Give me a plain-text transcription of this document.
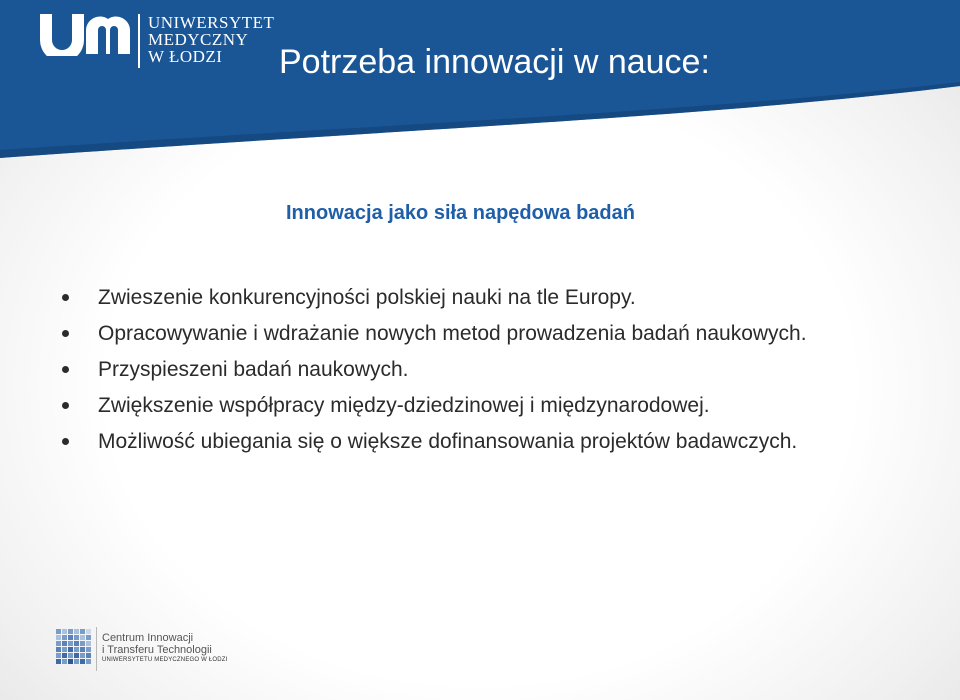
UNIWERSYTET
MEDYCZNY
W ŁODZI	Potrzeba innowacji w nauce:
Innowacja jako siła napędowa badań
Zwieszenie konkurencyjności polskiej nauki na tle Europy.
Opracowywanie i wdrażanie nowych metod prowadzenia badań naukowych.
Przyspieszeni badań naukowych.
Zwiększenie współpracy między-dziedzinowej i międzynarodowej.
Możliwość ubiegania się o większe dofinansowania projektów badawczych.
Centrum Innowacji
i Transferu Technologii
UNIWERSYTETU MEDYCZNEGO W ŁODZI
